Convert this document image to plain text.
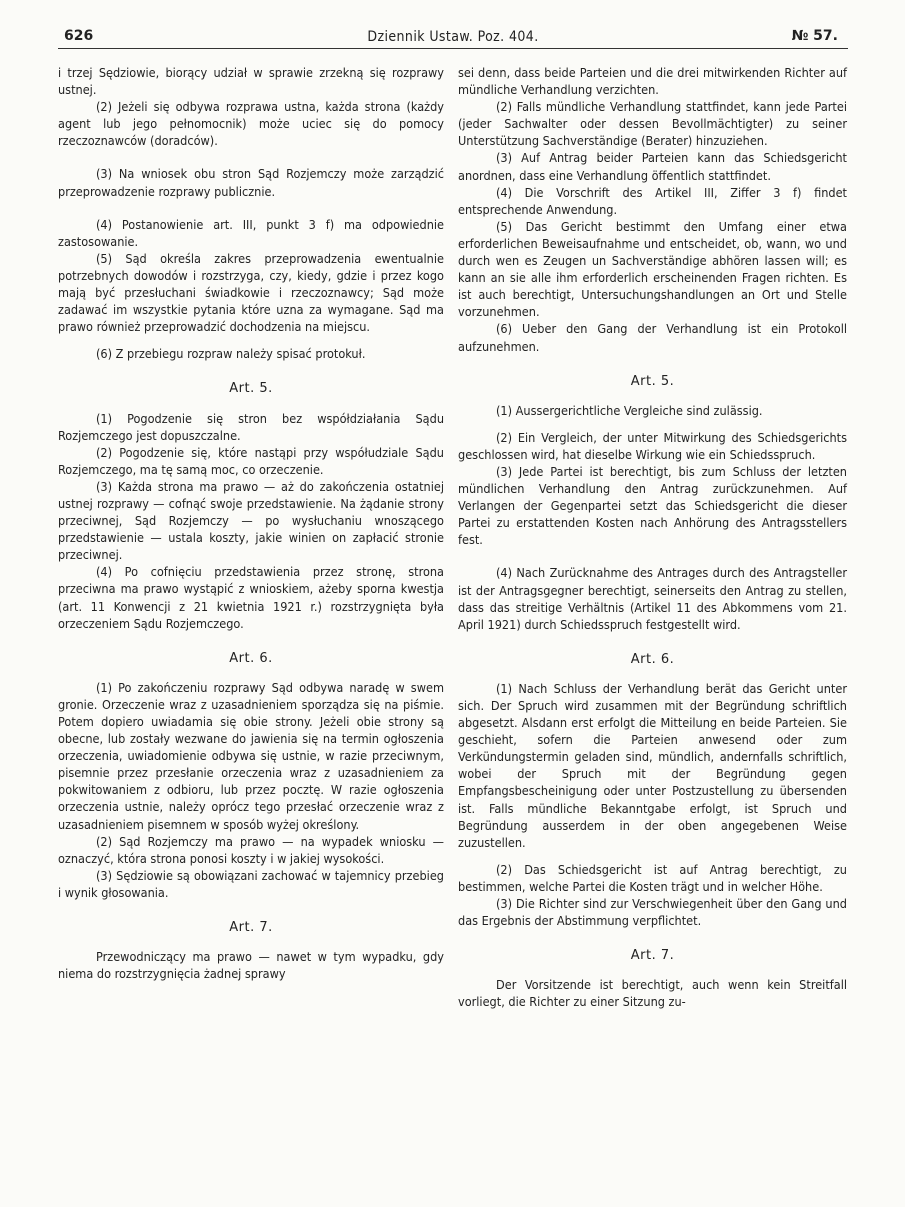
626	Dziennik Ustaw. Poz. 404.	№ 57.

i trzej Sędziowie, biorący udział w sprawie zrzekną się rozprawy ustnej.

(2) Jeżeli się odbywa rozprawa ustna, każda strona (każdy agent lub jego pełnomocnik) może uciec się do pomocy rzeczoznawców (doradców).

(3) Na wniosek obu stron Sąd Rozjemczy może zarządzić przeprowadzenie rozprawy publicznie.

(4) Postanowienie art. III, punkt 3 f) ma odpowiednie zastosowanie.

(5) Sąd określa zakres przeprowadzenia ewentualnie potrzebnych dowodów i rozstrzyga, czy, kiedy, gdzie i przez kogo mają być przesłuchani świadkowie i rzeczoznawcy; Sąd może zadawać im wszystkie pytania które uzna za wymagane. Sąd ma prawo również przeprowadzić dochodzenia na miejscu.

(6) Z przebiegu rozpraw należy spisać protokuł.

Art. 5.

(1) Pogodzenie się stron bez współdziałania Sądu Rozjemczego jest dopuszczalne.

(2) Pogodzenie się, które nastąpi przy współudziale Sądu Rozjemczego, ma tę samą moc, co orzeczenie.

(3) Każda strona ma prawo — aż do zakończenia ostatniej ustnej rozprawy — cofnąć swoje przedstawienie. Na żądanie strony przeciwnej, Sąd Rozjemczy — po wysłuchaniu wnoszącego przedstawienie — ustala koszty, jakie winien on zapłacić stronie przeciwnej.

(4) Po cofnięciu przedstawienia przez stronę, strona przeciwna ma prawo wystąpić z wnioskiem, ażeby sporna kwestja (art. 11 Konwencji z 21 kwietnia 1921 r.) rozstrzygnięta była orzeczeniem Sądu Rozjemczego.

Art. 6.

(1) Po zakończeniu rozprawy Sąd odbywa naradę w swem gronie. Orzeczenie wraz z uzasadnieniem sporządza się na piśmie. Potem dopiero uwiadamia się obie strony. Jeżeli obie strony są obecne, lub zostały wezwane do jawienia się na termin ogłoszenia orzeczenia, uwiadomienie odbywa się ustnie, w razie przeciwnym, pisemnie przez przesłanie orzeczenia wraz z uzasadnieniem za pokwitowaniem z odbioru, lub przez pocztę. W razie ogłoszenia orzeczenia ustnie, należy oprócz tego przesłać orzeczenie wraz z uzasadnieniem pisemnem w sposób wyżej określony.

(2) Sąd Rozjemczy ma prawo — na wypadek wniosku — oznaczyć, która strona ponosi koszty i w jakiej wysokości.

(3) Sędziowie są obowiązani zachować w tajemnicy przebieg i wynik głosowania.

Art. 7.

Przewodniczący ma prawo — nawet w tym wypadku, gdy niema do rozstrzygnięcia żadnej sprawy

sei denn, dass beide Parteien und die drei mitwirkenden Richter auf mündliche Verhandlung verzichten.

(2) Falls mündliche Verhandlung stattfindet, kann jede Partei (jeder Sachwalter oder dessen Bevollmächtigter) zu seiner Unterstützung Sachverständige (Berater) hinzuziehen.

(3) Auf Antrag beider Parteien kann das Schiedsgericht anordnen, dass eine Verhandlung öffentlich stattfindet.

(4) Die Vorschrift des Artikel III, Ziffer 3 f) findet entsprechende Anwendung.

(5) Das Gericht bestimmt den Umfang einer etwa erforderlichen Beweisaufnahme und entscheidet, ob, wann, wo und durch wen es Zeugen un Sachverständige abhören lassen will; es kann an sie alle ihm erforderlich erscheinenden Fragen richten. Es ist auch berechtigt, Untersuchungshandlungen an Ort und Stelle vorzunehmen.

(6) Ueber den Gang der Verhandlung ist ein Protokoll aufzunehmen.

Art. 5.

(1) Aussergerichtliche Vergleiche sind zulässig.

(2) Ein Vergleich, der unter Mitwirkung des Schiedsgerichts geschlossen wird, hat dieselbe Wirkung wie ein Schiedsspruch.

(3) Jede Partei ist berechtigt, bis zum Schluss der letzten mündlichen Verhandlung den Antrag zurückzunehmen. Auf Verlangen der Gegenpartei setzt das Schiedsgericht die dieser Partei zu erstattenden Kosten nach Anhörung des Antragsstellers fest.

(4) Nach Zurücknahme des Antrages durch des Antragsteller ist der Antragsgegner berechtigt, seinerseits den Antrag zu stellen, dass das streitige Verhältnis (Artikel 11 des Abkommens vom 21. April 1921) durch Schiedsspruch festgestellt wird.

Art. 6.

(1) Nach Schluss der Verhandlung berät das Gericht unter sich. Der Spruch wird zusammen mit der Begründung schriftlich abgesetzt. Alsdann erst erfolgt die Mitteilung en beide Parteien. Sie geschieht, sofern die Parteien anwesend oder zum Verkündungstermin geladen sind, mündlich, andernfalls schriftlich, wobei der Spruch mit der Begründung gegen Empfangsbescheinigung oder unter Postzustellung zu übersenden ist. Falls mündliche Bekanntgabe erfolgt, ist Spruch und Begründung ausserdem in der oben angegebenen Weise zuzustellen.

(2) Das Schiedsgericht ist auf Antrag berechtigt, zu bestimmen, welche Partei die Kosten trägt und in welcher Höhe.

(3) Die Richter sind zur Verschwiegenheit über den Gang und das Ergebnis der Abstimmung verpflichtet.

Art. 7.

Der Vorsitzende ist berechtigt, auch wenn kein Streitfall vorliegt, die Richter zu einer Sitzung zu-
